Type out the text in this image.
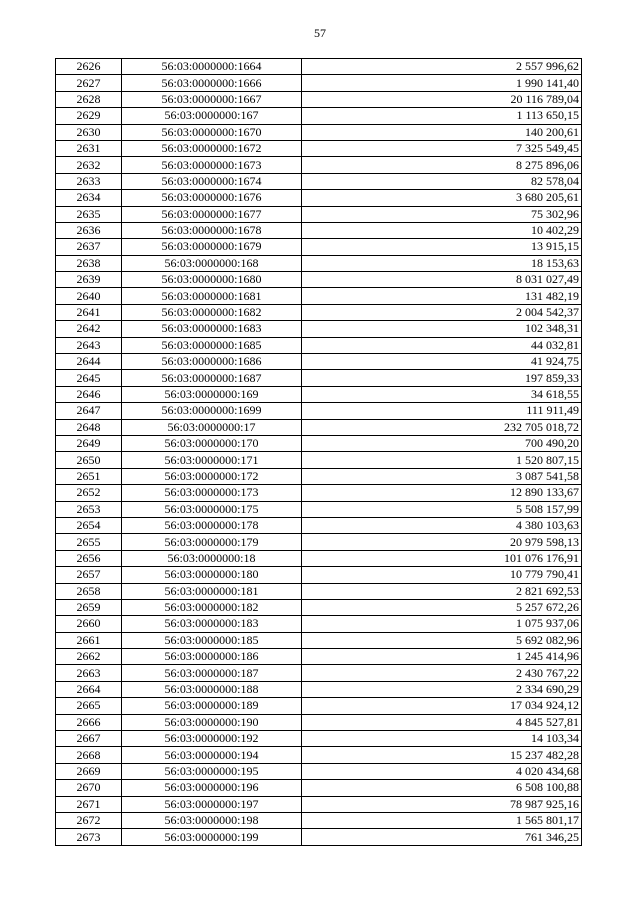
57
2626	56:03:0000000:1664	2 557 996,62
2627	56:03:0000000:1666	1 990 141,40
2628	56:03:0000000:1667	20 116 789,04
2629	56:03:0000000:167	1 113 650,15
2630	56:03:0000000:1670	140 200,61
2631	56:03:0000000:1672	7 325 549,45
2632	56:03:0000000:1673	8 275 896,06
2633	56:03:0000000:1674	82 578,04
2634	56:03:0000000:1676	3 680 205,61
2635	56:03:0000000:1677	75 302,96
2636	56:03:0000000:1678	10 402,29
2637	56:03:0000000:1679	13 915,15
2638	56:03:0000000:168	18 153,63
2639	56:03:0000000:1680	8 031 027,49
2640	56:03:0000000:1681	131 482,19
2641	56:03:0000000:1682	2 004 542,37
2642	56:03:0000000:1683	102 348,31
2643	56:03:0000000:1685	44 032,81
2644	56:03:0000000:1686	41 924,75
2645	56:03:0000000:1687	197 859,33
2646	56:03:0000000:169	34 618,55
2647	56:03:0000000:1699	111 911,49
2648	56:03:0000000:17	232 705 018,72
2649	56:03:0000000:170	700 490,20
2650	56:03:0000000:171	1 520 807,15
2651	56:03:0000000:172	3 087 541,58
2652	56:03:0000000:173	12 890 133,67
2653	56:03:0000000:175	5 508 157,99
2654	56:03:0000000:178	4 380 103,63
2655	56:03:0000000:179	20 979 598,13
2656	56:03:0000000:18	101 076 176,91
2657	56:03:0000000:180	10 779 790,41
2658	56:03:0000000:181	2 821 692,53
2659	56:03:0000000:182	5 257 672,26
2660	56:03:0000000:183	1 075 937,06
2661	56:03:0000000:185	5 692 082,96
2662	56:03:0000000:186	1 245 414,96
2663	56:03:0000000:187	2 430 767,22
2664	56:03:0000000:188	2 334 690,29
2665	56:03:0000000:189	17 034 924,12
2666	56:03:0000000:190	4 845 527,81
2667	56:03:0000000:192	14 103,34
2668	56:03:0000000:194	15 237 482,28
2669	56:03:0000000:195	4 020 434,68
2670	56:03:0000000:196	6 508 100,88
2671	56:03:0000000:197	78 987 925,16
2672	56:03:0000000:198	1 565 801,17
2673	56:03:0000000:199	761 346,25
